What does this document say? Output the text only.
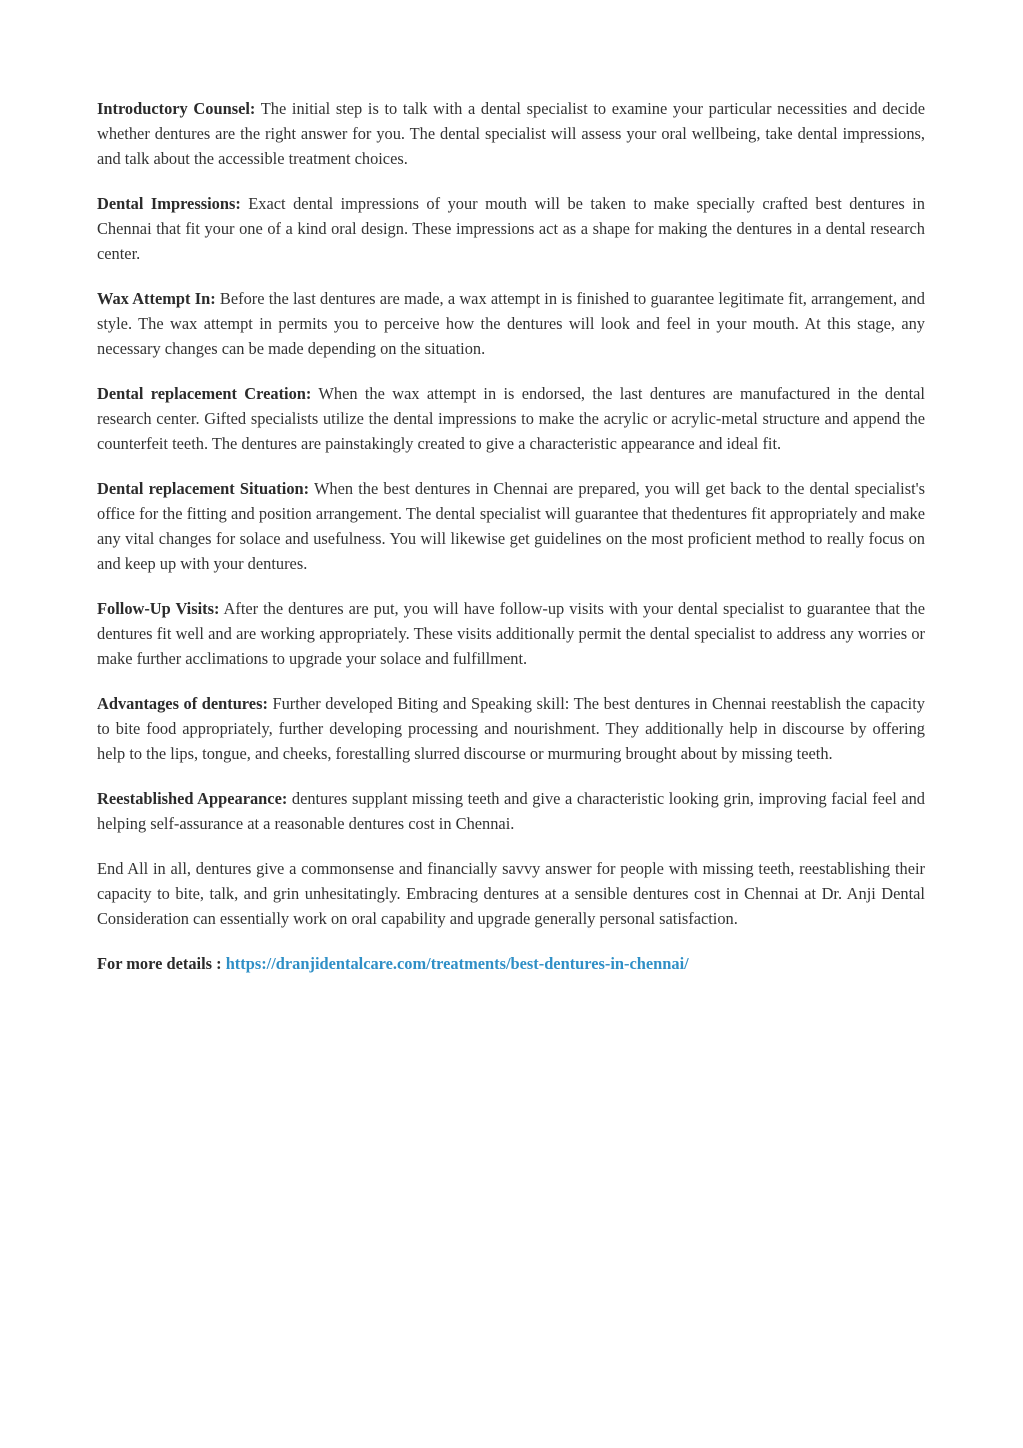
Introductory Counsel: The initial step is to talk with a dental specialist to examine your particular necessities and decide whether dentures are the right answer for you. The dental specialist will assess your oral wellbeing, take dental impressions, and talk about the accessible treatment choices.

Dental Impressions: Exact dental impressions of your mouth will be taken to make specially crafted best dentures in Chennai that fit your one of a kind oral design. These impressions act as a shape for making the dentures in a dental research center.

Wax Attempt In: Before the last dentures are made, a wax attempt in is finished to guarantee legitimate fit, arrangement, and style. The wax attempt in permits you to perceive how the dentures will look and feel in your mouth. At this stage, any necessary changes can be made depending on the situation.

Dental replacement Creation: When the wax attempt in is endorsed, the last dentures are manufactured in the dental research center. Gifted specialists utilize the dental impressions to make the acrylic or acrylic-metal structure and append the counterfeit teeth. The dentures are painstakingly created to give a characteristic appearance and ideal fit.

Dental replacement Situation: When the best dentures in Chennai are prepared, you will get back to the dental specialist's office for the fitting and position arrangement. The dental specialist will guarantee that thedentures fit appropriately and make any vital changes for solace and usefulness. You will likewise get guidelines on the most proficient method to really focus on and keep up with your dentures.

Follow-Up Visits: After the dentures are put, you will have follow-up visits with your dental specialist to guarantee that the dentures fit well and are working appropriately. These visits additionally permit the dental specialist to address any worries or make further acclimations to upgrade your solace and fulfillment.

Advantages of dentures: Further developed Biting and Speaking skill: The best dentures in Chennai reestablish the capacity to bite food appropriately, further developing processing and nourishment. They additionally help in discourse by offering help to the lips, tongue, and cheeks, forestalling slurred discourse or murmuring brought about by missing teeth.

Reestablished Appearance: dentures supplant missing teeth and give a characteristic looking grin, improving facial feel and helping self-assurance at a reasonable dentures cost in Chennai.

End All in all, dentures give a commonsense and financially savvy answer for people with missing teeth, reestablishing their capacity to bite, talk, and grin unhesitatingly. Embracing dentures at a sensible dentures cost in Chennai at Dr. Anji Dental Consideration can essentially work on oral capability and upgrade generally personal satisfaction.

For more details : https://dranjidentalcare.com/treatments/best-dentures-in-chennai/
